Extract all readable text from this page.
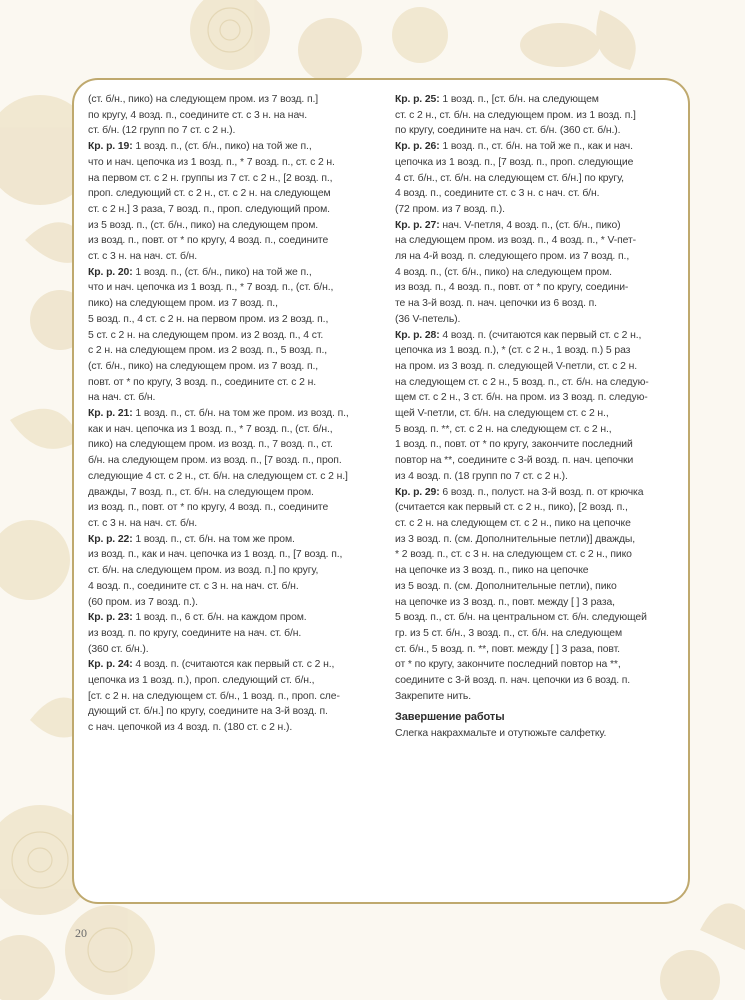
(ст. б/н., пико) на следующем пром. из 7 возд. п.]

по кругу, 4 возд. п., соедините ст. с 3 н. на нач.

ст. б/н. (12 групп по 7 ст. с 2 н.).

Кр. р. 19: 1 возд. п., (ст. б/н., пико) на той же п.,

что и нач. цепочка из 1 возд. п., * 7 возд. п., ст. с 2 н.

на первом ст. с 2 н. группы из 7 ст. с 2 н., [2 возд. п.,

проп. следующий ст. с 2 н., ст. с 2 н. на следующем

ст. с 2 н.] 3 раза, 7 возд. п., проп. следующий пром.

из 5 возд. п., (ст. б/н., пико) на следующем пром.

из возд. п., повт. от * по кругу, 4 возд. п., соедините

ст. с 3 н. на нач. ст. б/н.

Кр. р. 20: 1 возд. п., (ст. б/н., пико) на той же п.,

что и нач. цепочка из 1 возд. п., * 7 возд. п., (ст. б/н.,

пико) на следующем пром. из 7 возд. п.,

5 возд. п., 4 ст. с 2 н. на первом пром. из 2 возд. п.,

5 ст. с 2 н. на следующем пром. из 2 возд. п., 4 ст.

с 2 н. на следующем пром. из 2 возд. п., 5 возд. п.,

(ст. б/н., пико) на следующем пром. из 7 возд. п.,

повт. от * по кругу, 3 возд. п., соедините ст. с 2 н.

на нач. ст. б/н.

Кр. р. 21: 1 возд. п., ст. б/н. на том же пром. из возд. п.,

как и нач. цепочка из 1 возд. п., * 7 возд. п., (ст. б/н.,

пико) на следующем пром. из возд. п., 7 возд. п., ст.

б/н. на следующем пром. из возд. п., [7 возд. п., проп.

следующие 4 ст. с 2 н., ст. б/н. на следующем ст. с 2 н.]

дважды, 7 возд. п., ст. б/н. на следующем пром.

из возд. п., повт. от * по кругу, 4 возд. п., соедините

ст. с 3 н. на нач. ст. б/н.

Кр. р. 22: 1 возд. п., ст. б/н. на том же пром.

из возд. п., как и нач. цепочка из 1 возд. п., [7 возд. п.,

ст. б/н. на следующем пром. из возд. п.] по кругу,

4 возд. п., соедините ст. с 3 н. на нач. ст. б/н.

(60 пром. из 7 возд. п.).

Кр. р. 23: 1 возд. п., 6 ст. б/н. на каждом пром.

из возд. п. по кругу, соедините на нач. ст. б/н.

(360 ст. б/н.).

Кр. р. 24: 4 возд. п. (считаются как первый ст. с 2 н.,

цепочка из 1 возд. п.), проп. следующий ст. б/н.,

[ст. с 2 н. на следующем ст. б/н., 1 возд. п., проп. сле-

дующий ст. б/н.] по кругу, соедините на 3-й возд. п.

с нач. цепочкой из 4 возд. п. (180 ст. с 2 н.).

Кр. р. 25: 1 возд. п., [ст. б/н. на следующем

ст. с 2 н., ст. б/н. на следующем пром. из 1 возд. п.]

по кругу, соедините на нач. ст. б/н. (360 ст. б/н.).

Кр. р. 26: 1 возд. п., ст. б/н. на той же п., как и нач.

цепочка из 1 возд. п., [7 возд. п., проп. следующие

4 ст. б/н., ст. б/н. на следующем ст. б/н.] по кругу,

4 возд. п., соедините ст. с 3 н. с нач. ст. б/н.

(72 пром. из 7 возд. п.).

Кр. р. 27: нач. V-петля, 4 возд. п., (ст. б/н., пико)

на следующем пром. из возд. п., 4 возд. п., * V-пет-

ля на 4-й возд. п. следующего пром. из 7 возд. п.,

4 возд. п., (ст. б/н., пико) на следующем пром.

из возд. п., 4 возд. п., повт. от * по кругу, соедини-

те на 3-й возд. п. нач. цепочки из 6 возд. п.

(36 V-петель).

Кр. р. 28: 4 возд. п. (считаются как первый ст. с 2 н.,

цепочка из 1 возд. п.), * (ст. с 2 н., 1 возд. п.) 5 раз

на пром. из 3 возд. п. следующей V-петли, ст. с 2 н.

на следующем ст. с 2 н., 5 возд. п., ст. б/н. на следую-

щем ст. с 2 н., 3 ст. б/н. на пром. из 3 возд. п. следую-

щей V-петли, ст. б/н. на следующем ст. с 2 н.,

5 возд. п. **, ст. с 2 н. на следующем ст. с 2 н.,

1 возд. п., повт. от * по кругу, закончите последний

повтор на **, соедините с 3-й возд. п. нач. цепочки

из 4 возд. п. (18 групп по 7 ст. с 2 н.).

Кр. р. 29: 6 возд. п., полуст. на 3-й возд. п. от крючка

(считается как первый ст. с 2 н., пико), [2 возд. п.,

ст. с 2 н. на следующем ст. с 2 н., пико на цепочке

из 3 возд. п. (см. Дополнительные петли)] дважды,

* 2 возд. п., ст. с 3 н. на следующем ст. с 2 н., пико

на цепочке из 3 возд. п., пико на цепочке

из 5 возд. п. (см. Дополнительные петли), пико

на цепочке из 3 возд. п., повт. между [ ] 3 раза,

5 возд. п., ст. б/н. на центральном ст. б/н. следующей

гр. из 5 ст. б/н., 3 возд. п., ст. б/н. на следующем

ст. б/н., 5 возд. п. **, повт. между [ ] 3 раза, повт.

от * по кругу, закончите последний повтор на **,

соедините с 3-й возд. п. нач. цепочки из 6 возд. п.

Закрепите нить.

Завершение работы

Слегка накрахмальте и отутюжьте салфетку.

20
